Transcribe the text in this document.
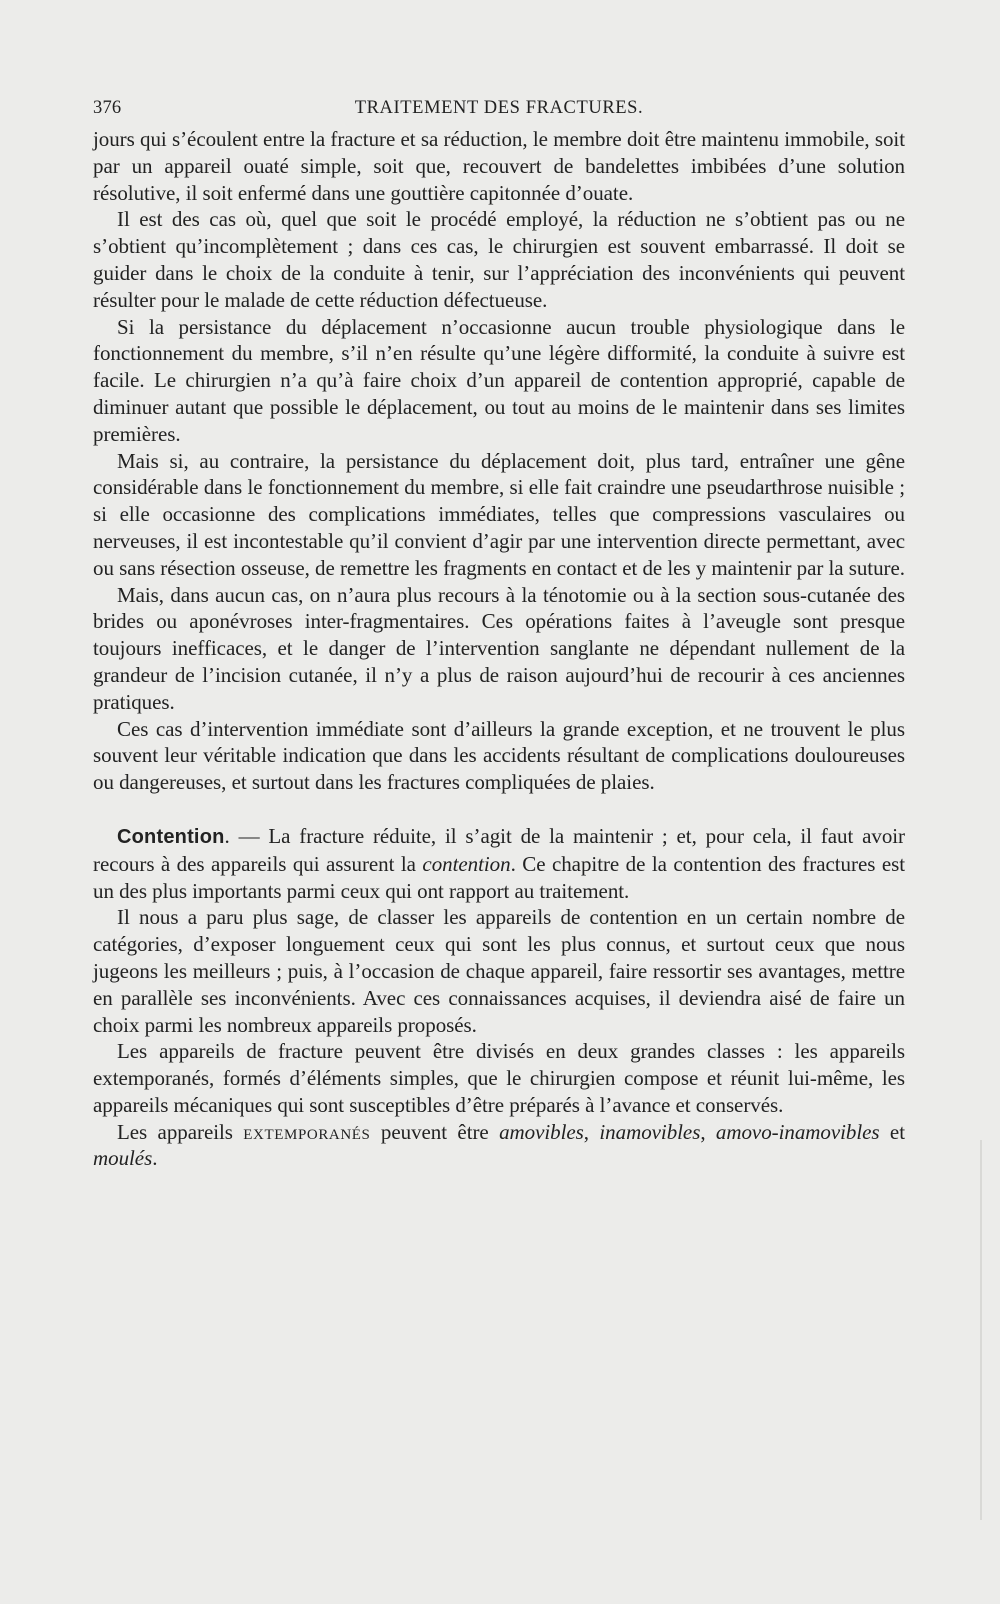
376	TRAITEMENT DES FRACTURES.

jours qui s’écoulent entre la fracture et sa réduction, le membre doit être maintenu immobile, soit par un appareil ouaté simple, soit que, recouvert de bandelettes imbibées d’une solution résolutive, il soit enfermé dans une gouttière capitonnée d’ouate.

Il est des cas où, quel que soit le procédé employé, la réduction ne s’obtient pas ou ne s’obtient qu’incomplètement ; dans ces cas, le chirurgien est souvent embarrassé. Il doit se guider dans le choix de la conduite à tenir, sur l’appréciation des inconvénients qui peuvent résulter pour le malade de cette réduction défectueuse.

Si la persistance du déplacement n’occasionne aucun trouble physiologique dans le fonctionnement du membre, s’il n’en résulte qu’une légère difformité, la conduite à suivre est facile. Le chirurgien n’a qu’à faire choix d’un appareil de contention approprié, capable de diminuer autant que possible le déplacement, ou tout au moins de le maintenir dans ses limites premières.

Mais si, au contraire, la persistance du déplacement doit, plus tard, entraîner une gêne considérable dans le fonctionnement du membre, si elle fait craindre une pseudarthrose nuisible ; si elle occasionne des complications immédiates, telles que compressions vasculaires ou nerveuses, il est incontestable qu’il convient d’agir par une intervention directe permettant, avec ou sans résection osseuse, de remettre les fragments en contact et de les y maintenir par la suture.

Mais, dans aucun cas, on n’aura plus recours à la ténotomie ou à la section sous-cutanée des brides ou aponévroses inter-fragmentaires. Ces opérations faites à l’aveugle sont presque toujours inefficaces, et le danger de l’intervention sanglante ne dépendant nullement de la grandeur de l’incision cutanée, il n’y a plus de raison aujourd’hui de recourir à ces anciennes pratiques.

Ces cas d’intervention immédiate sont d’ailleurs la grande exception, et ne trouvent le plus souvent leur véritable indication que dans les accidents résultant de complications douloureuses ou dangereuses, et surtout dans les fractures compliquées de plaies.

Contention. — La fracture réduite, il s’agit de la maintenir ; et, pour cela, il faut avoir recours à des appareils qui assurent la contention. Ce chapitre de la contention des fractures est un des plus importants parmi ceux qui ont rapport au traitement.

Il nous a paru plus sage, de classer les appareils de contention en un certain nombre de catégories, d’exposer longuement ceux qui sont les plus connus, et surtout ceux que nous jugeons les meilleurs ; puis, à l’occasion de chaque appareil, faire ressortir ses avantages, mettre en parallèle ses inconvénients. Avec ces connaissances acquises, il deviendra aisé de faire un choix parmi les nombreux appareils proposés.

Les appareils de fracture peuvent être divisés en deux grandes classes : les appareils extemporanés, formés d’éléments simples, que le chirurgien compose et réunit lui-même, les appareils mécaniques qui sont susceptibles d’être préparés à l’avance et conservés.

Les appareils extemporanés peuvent être amovibles, inamovibles, amovo-inamovibles et moulés.
